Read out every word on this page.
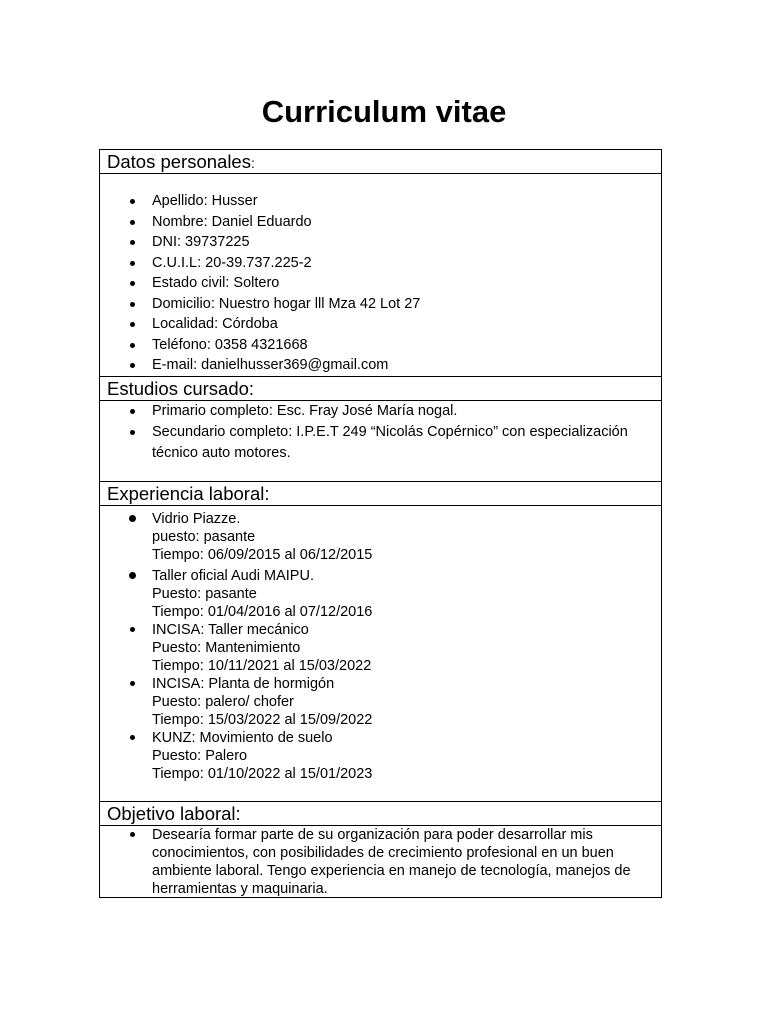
Curriculum vitae
Datos personales:
Apellido: Husser
Nombre: Daniel Eduardo
DNI: 39737225
C.U.I.L: 20-39.737.225-2
Estado civil: Soltero
Domicilio: Nuestro hogar lll Mza 42 Lot 27
Localidad: Córdoba
Teléfono: 0358 4321668
E-mail: danielhusser369@gmail.com
Estudios cursado:
Primario completo: Esc. Fray José María nogal.
Secundario completo: I.P.E.T 249 “Nicolás Copérnico” con especialización técnico auto motores.
Experiencia laboral:
Vidrio Piazze.
puesto: pasante
Tiempo: 06/09/2015 al 06/12/2015
Taller oficial Audi MAIPU.
Puesto: pasante
Tiempo: 01/04/2016 al 07/12/2016
INCISA: Taller mecánico
Puesto: Mantenimiento
Tiempo: 10/11/2021 al 15/03/2022
INCISA: Planta de hormigón
Puesto: palero/ chofer
Tiempo: 15/03/2022 al 15/09/2022
KUNZ: Movimiento de suelo
Puesto: Palero
Tiempo: 01/10/2022 al 15/01/2023
Objetivo laboral:
Desearía formar parte de su organización para poder desarrollar mis conocimientos, con posibilidades de crecimiento profesional en un buen ambiente laboral. Tengo experiencia en manejo de tecnología, manejos de herramientas y maquinaria.
